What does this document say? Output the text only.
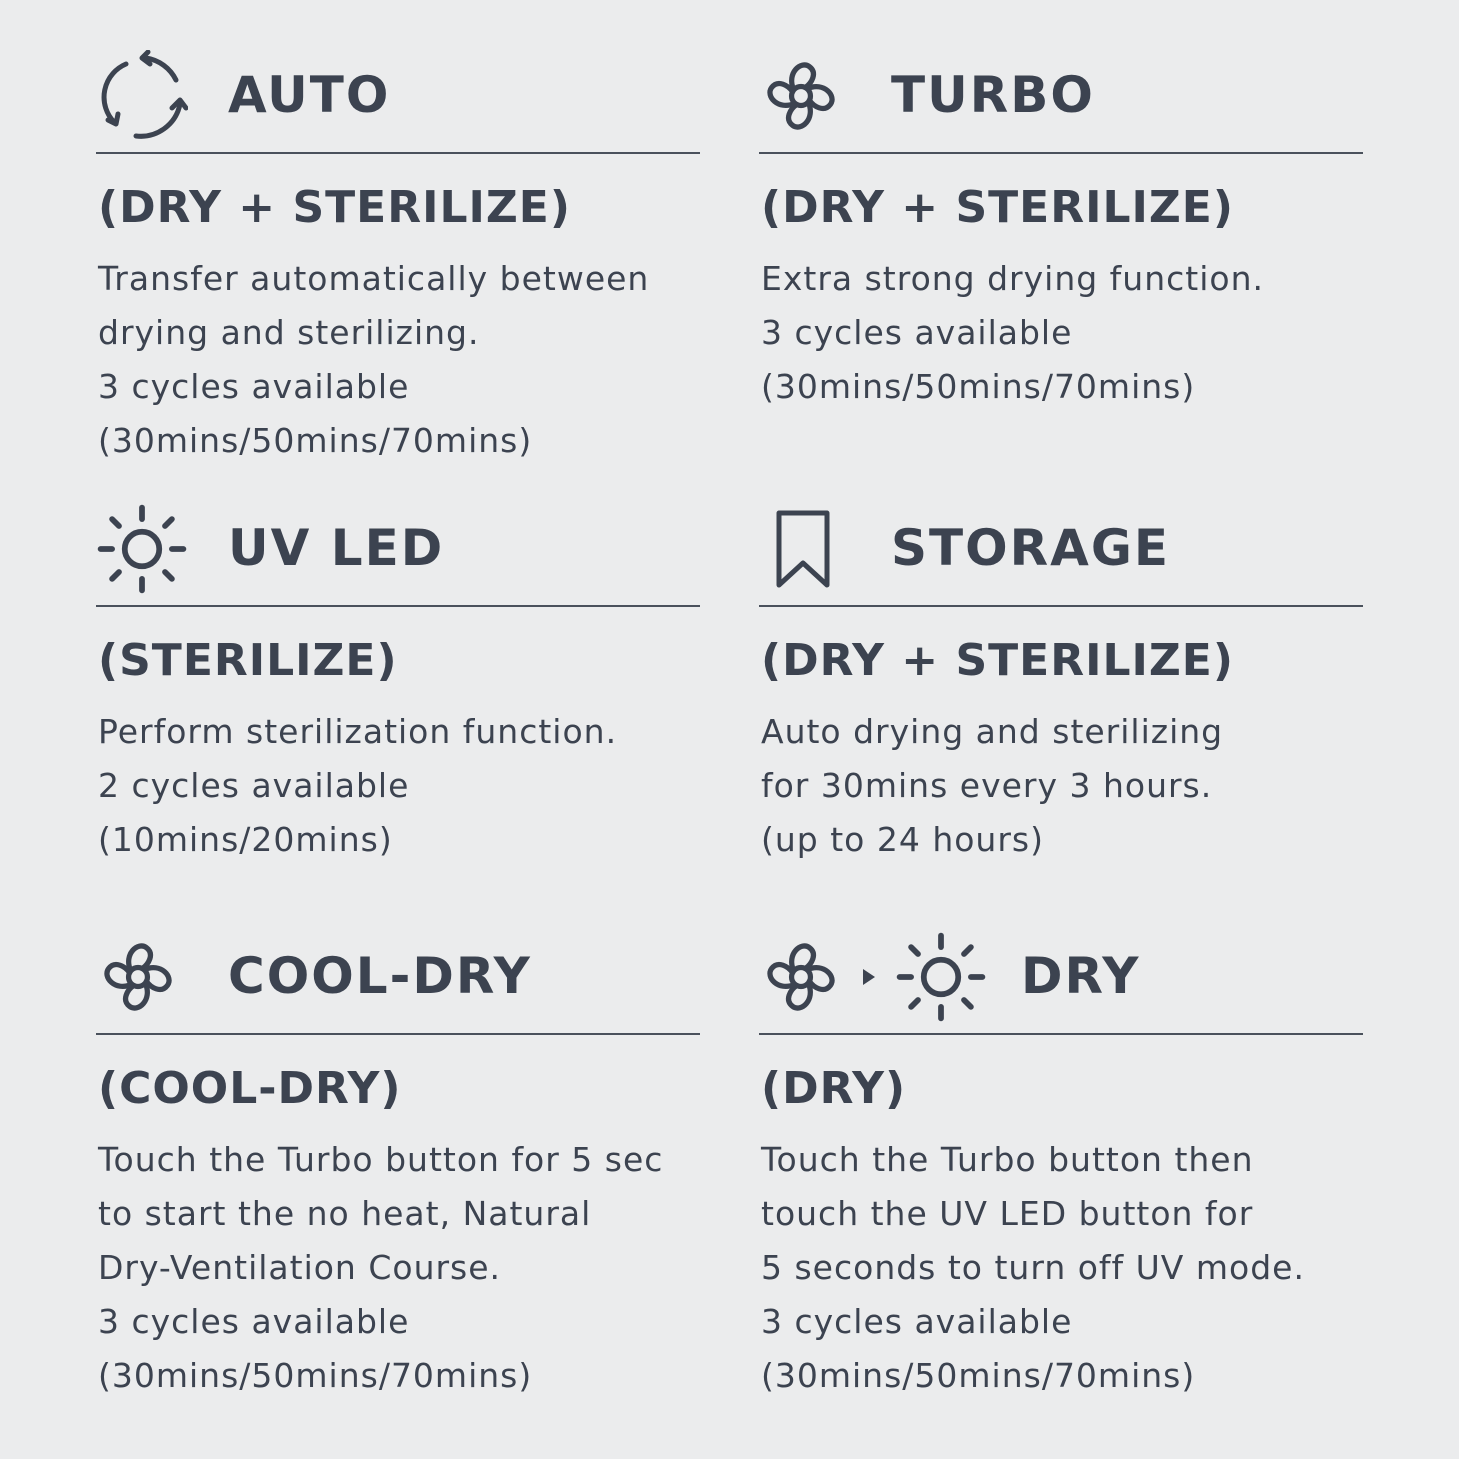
AUTO
(DRY + STERILIZE)
Transfer automatically between
drying and sterilizing.
3 cycles available
(30mins/50mins/70mins)
TURBO
(DRY + STERILIZE)
Extra strong drying function.
3 cycles available
(30mins/50mins/70mins)
UV LED
(STERILIZE)
Perform sterilization function.
2 cycles available
(10mins/20mins)
STORAGE
(DRY + STERILIZE)
Auto drying and sterilizing
for 30mins every 3 hours.
(up to 24 hours)
COOL-DRY
(COOL-DRY)
Touch the Turbo button for 5 sec
to start the no heat, Natural
Dry-Ventilation Course.
3 cycles available
(30mins/50mins/70mins)
DRY
(DRY)
Touch the Turbo button then
touch the UV LED button for
5 seconds to turn off UV mode.
3 cycles available
(30mins/50mins/70mins)
